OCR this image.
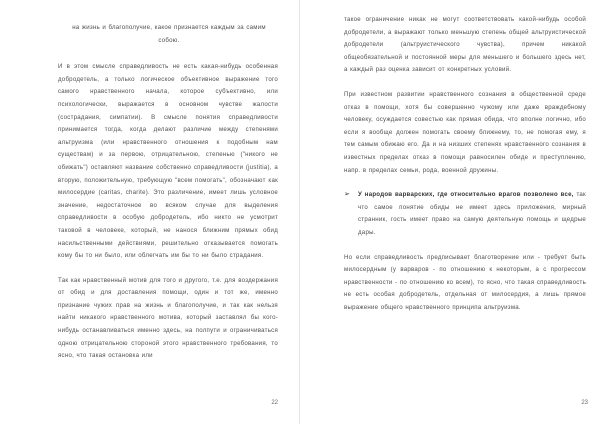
на жизнь и благополучие, какое признается каждым за самим собою.

И в этом смысле справедливость не есть какая-нибудь особенная добродетель, а только логическое объективное выражение того самого нравственного начала, которое субъективно, или психологически, выражается в основном чувстве жалости (сострадания, симпатии). В смысле понятия справедливости принимается тогда, когда делают различие между степенями альтруизма (или нравственного отношения к подобным нам существам) и за первою, отрицательною, степенью ("никого не обижать") оставляют название собственно справедливости (justitia), а вторую, положительную, требующую "всем помогать", обозначают как милосердие (caritas, charite). Это различение, имеет лишь условное значение, недостаточное во всяком случае для выделения справедливости в особую добродетель, ибо никто не усмотрит таковой в человеке, который, не нанося ближним прямых обид насильственными действиями, решительно отказывается помогать кому бы то ни было, или облегчать им бы то ни было страдания.

Так как нравственный мотив для того и другого, т.е. для воздержания от обид и для доставления помощи, один и тот же, именно признание чужих прав на жизнь и благополучие, и так как нельзя найти никакого нравственного мотива, который заставлял бы кого-нибудь останавливаться именно здесь, на полпути и ограничиваться одною отрицательною стороной этого нравственного требования, то ясно, что такая остановка или

22

такое ограничение никак не могут соответствовать какой-нибудь особой добродетели, а выражают только меньшую степень общей альтруистической добродетели (альтруистического чувства), причем никакой общеобязательной и постоянной меры для меньшего и большего здесь нет, а каждый раз оценка зависит от конкретных условий.

При известном развитии нравственного сознания в общественной среде отказ в помощи, хотя бы совершенно чужому или даже враждебному человеку, осуждается совестью как прямая обида, что вполне логично, ибо если я вообще должен помогать своему ближнему, то, не помогая ему, я тем самым обижаю его. Да и на низших степенях нравственного сознания в известных пределах отказ в помощи равносилен обиде и преступлению, напр. в пределах семьи, рода, военной дружины.

➢	У народов варварских, где относительно врагов позволено все, так что самое понятие обиды не имеет здесь приложения, мирный странник, гость имеет право на самую деятельную помощь и щедрые дары.

Но если справедливость предписывает благотворение или - требует быть милосердным (у варваров - по отношению к некоторым, а с прогрессом нравственности - по отношению ко всем), то ясно, что такая справедливость не есть особая добродетель, отдельная от милосердия, а лишь прямое выражение общего нравственного принципа альтруизма.

23
